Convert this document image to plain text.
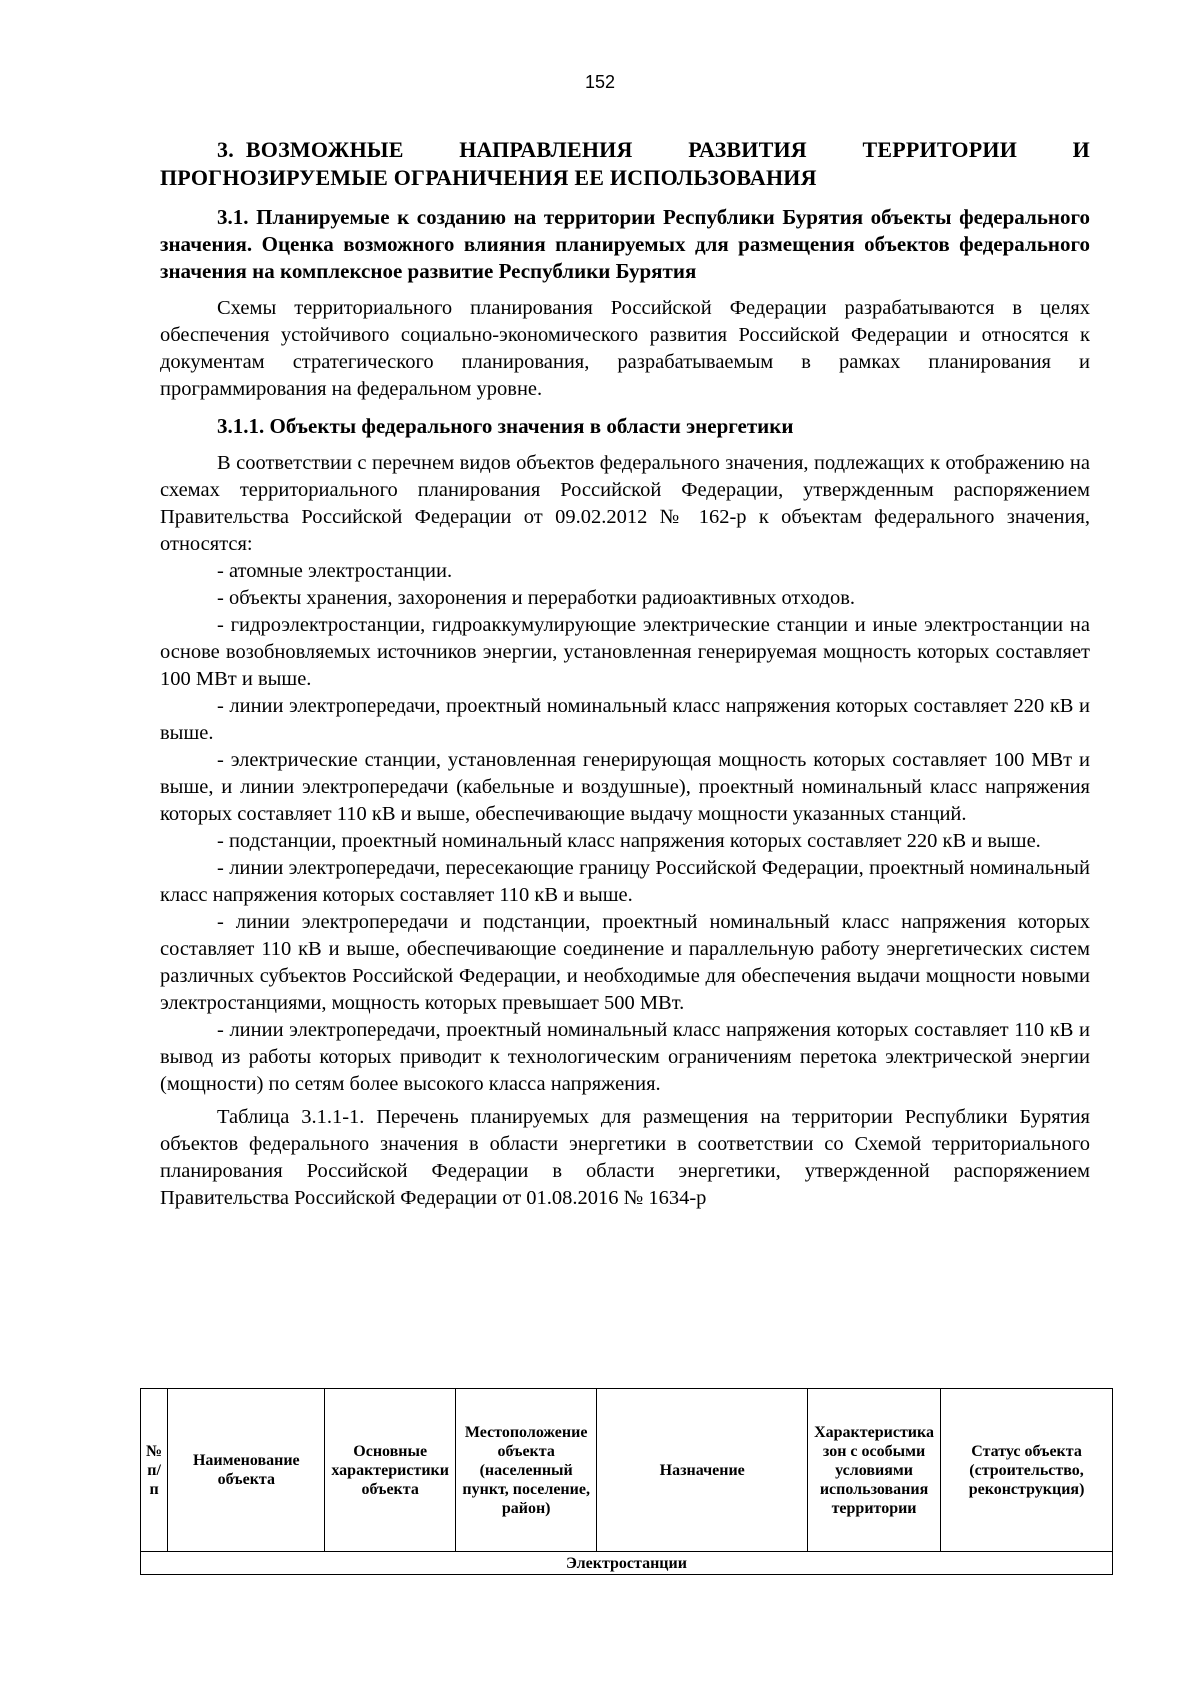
152
3. ВОЗМОЖНЫЕ НАПРАВЛЕНИЯ РАЗВИТИЯ ТЕРРИТОРИИ И ПРОГНОЗИРУЕМЫЕ ОГРАНИЧЕНИЯ ЕЕ ИСПОЛЬЗОВАНИЯ
3.1. Планируемые к созданию на территории Республики Бурятия объекты федерального значения. Оценка возможного влияния планируемых для размещения объектов федерального значения на комплексное развитие Республики Бурятия

Схемы территориального планирования Российской Федерации разрабатываются в целях обеспечения устойчивого социально-экономического развития Российской Федерации и относятся к документам стратегического планирования, разрабатываемым в рамках планирования и программирования на федеральном уровне.

3.1.1. Объекты федерального значения в области энергетики

В соответствии с перечнем видов объектов федерального значения, подлежащих к отображению на схемах территориального планирования Российской Федерации, утвержденным распоряжением Правительства Российской Федерации от 09.02.2012 № 162-р к объектам федерального значения, относятся:

- атомные электростанции.

- объекты хранения, захоронения и переработки радиоактивных отходов.

- гидроэлектростанции, гидроаккумулирующие электрические станции и иные электростанции на основе возобновляемых источников энергии, установленная генерируемая мощность которых составляет 100 МВт и выше.

- линии электропередачи, проектный номинальный класс напряжения которых составляет 220 кВ и выше.

- электрические станции, установленная генерирующая мощность которых составляет 100 МВт и выше, и линии электропередачи (кабельные и воздушные), проектный номинальный класс напряжения которых составляет 110 кВ и выше, обеспечивающие выдачу мощности указанных станций.

- подстанции, проектный номинальный класс напряжения которых составляет 220 кВ и выше.

- линии электропередачи, пересекающие границу Российской Федерации, проектный номинальный класс напряжения которых составляет 110 кВ и выше.

- линии электропередачи и подстанции, проектный номинальный класс напряжения которых составляет 110 кВ и выше, обеспечивающие соединение и параллельную работу энергетических систем различных субъектов Российской Федерации, и необходимые для обеспечения выдачи мощности новыми электростанциями, мощность которых превышает 500 МВт.

- линии электропередачи, проектный номинальный класс напряжения которых составляет 110 кВ и вывод из работы которых приводит к технологическим ограничениям перетока электрической энергии (мощности) по сетям более высокого класса напряжения.

Таблица 3.1.1-1. Перечень планируемых для размещения на территории Республики Бурятия объектов федерального значения в области энергетики в соответствии со Схемой территориального планирования Российской Федерации в области энергетики, утвержденной распоряжением Правительства Российской Федерации от 01.08.2016 № 1634-р

№ п/п	Наименование объекта	Основные характеристики объекта	Местоположение объекта (населенный пункт, поселение, район)	Назначение	Характеристика зон с особыми условиями использования территории	Статус объекта (строительство, реконструкция)
Электростанции
